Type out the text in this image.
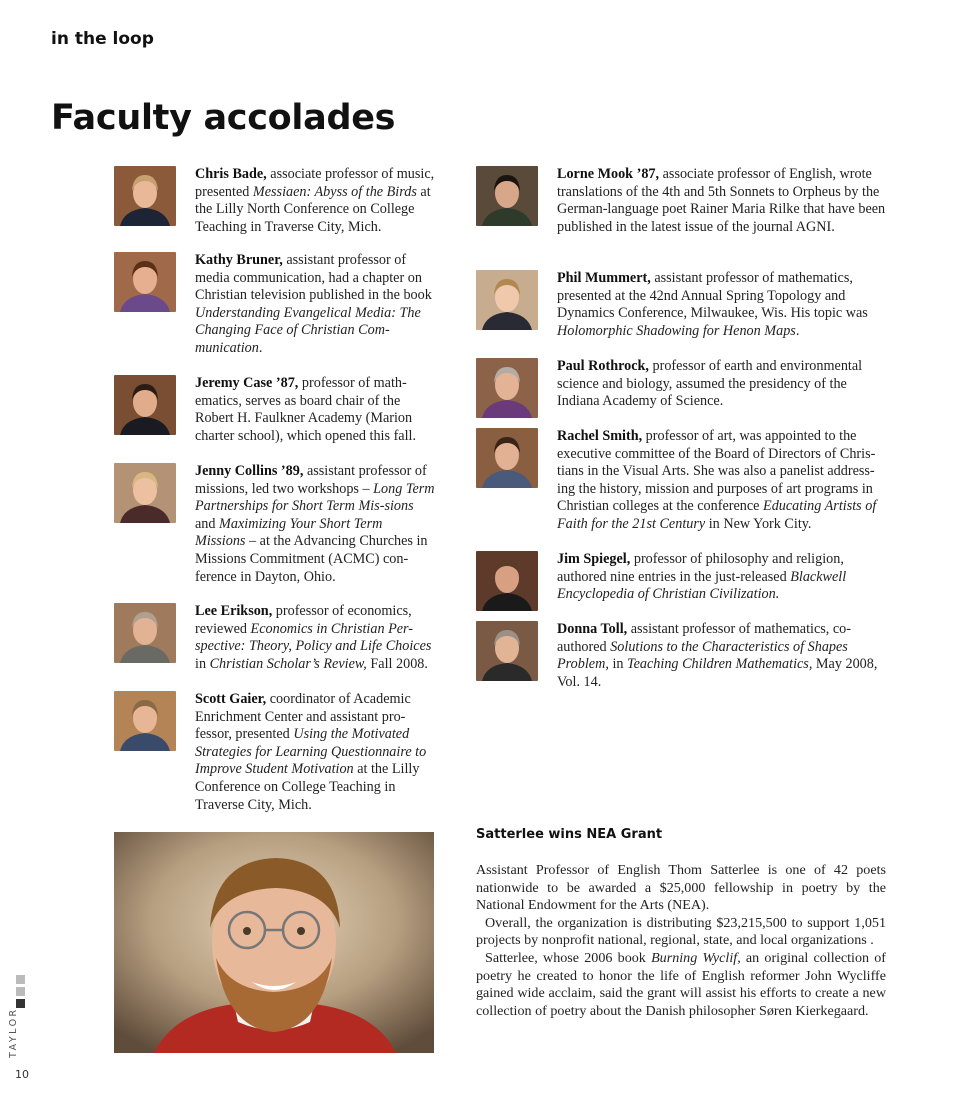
in the loop
Faculty accolades

Chris Bade, associate professor of music, presented Messiaen: Abyss of the Birds at the Lilly North Conference on College Teaching in Traverse City, Mich.

Kathy Bruner, assistant professor of media communication, had a chapter on Christian television published in the book Understanding Evangelical Media: The Changing Face of Christian Com-munication.

Jeremy Case ’87, professor of math-ematics, serves as board chair of the Robert H. Faulkner Academy (Marion charter school), which opened this fall.

Jenny Collins ’89, assistant professor of missions, led two workshops – Long Term Partnerships for Short Term Mis-sions and Maximizing Your Short Term Missions – at the Advancing Churches in Missions Commitment (ACMC) con-ference in Dayton, Ohio.

Lee Erikson, professor of economics, reviewed Economics in Christian Per-spective: Theory, Policy and Life Choices in Christian Scholar’s Review, Fall 2008.

Scott Gaier, coordinator of Academic Enrichment Center and assistant pro-fessor, presented Using the Motivated Strategies for Learning Questionnaire to Improve Student Motivation at the Lilly Conference on College Teaching in Traverse City, Mich.

Lorne Mook ’87, associate professor of English, wrote translations of the 4th and 5th Sonnets to Orpheus by the German-language poet Rainer Maria Rilke that have been published in the latest issue of the journal AGNI.

Phil Mummert, assistant professor of mathematics, presented at the 42nd Annual Spring Topology and Dynamics Conference, Milwaukee, Wis. His topic was Holomorphic Shadowing for Henon Maps.

Paul Rothrock, professor of earth and environmental science and biology, assumed the presidency of the Indiana Academy of Science.

Rachel Smith, professor of art, was appointed to the executive committee of the Board of Directors of Chris-tians in the Visual Arts. She was also a panelist address-ing the history, mission and purposes of art programs in Christian colleges at the conference Educating Artists of Faith for the 21st Century in New York City.

Jim Spiegel, professor of philosophy and religion, authored nine entries in the just-released Blackwell Encyclopedia of Christian Civilization.

Donna Toll, assistant professor of mathematics, co-authored Solutions to the Characteristics of Shapes Problem, in Teaching Children Mathematics, May 2008, Vol. 14.

Satterlee wins NEA Grant

Assistant Professor of English Thom Satterlee is one of 42 poets nationwide to be awarded a $25,000 fellowship in poetry by the National Endowment for the Arts (NEA).

Overall, the organization is distributing $23,215,500 to support 1,051 projects by nonprofit national, regional, state, and local organizations .

Satterlee, whose 2006 book Burning Wyclif, an original collection of poetry he created to honor the life of English reformer John Wycliffe gained wide acclaim, said the grant will assist his efforts to create a new collection of poetry about the Danish philosopher Søren Kierkegaard.

TAYLOR
10
